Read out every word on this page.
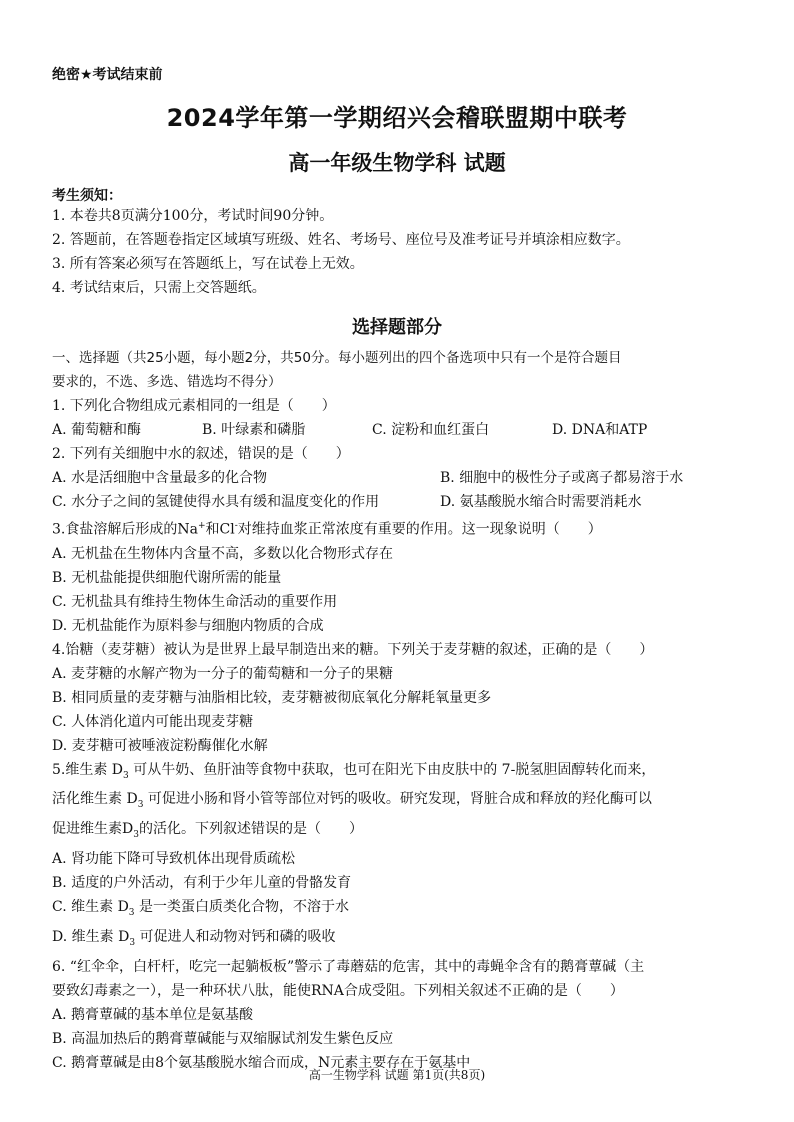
绝密★考试结束前
2024学年第一学期绍兴会稽联盟期中联考
高一年级生物学科 试题
考生须知：
1. 本卷共8页满分100分，考试时间90分钟。
2. 答题前，在答题卷指定区域填写班级、姓名、考场号、座位号及准考证号并填涂相应数字。
3. 所有答案必须写在答题纸上，写在试卷上无效。
4. 考试结束后，只需上交答题纸。
选择题部分
一、选择题（共25小题，每小题2分，共50分。每小题列出的四个备选项中只有一个是符合题目
要求的，不选、多选、错选均不得分）
1. 下列化合物组成元素相同的一组是（　　）
A. 葡萄糖和酶	B. 叶绿素和磷脂	C. 淀粉和血红蛋白	D. DNA和ATP
2. 下列有关细胞中水的叙述，错误的是（　　）
A. 水是活细胞中含量最多的化合物	B. 细胞中的极性分子或离子都易溶于水
C. 水分子之间的氢键使得水具有缓和温度变化的作用	D. 氨基酸脱水缩合时需要消耗水
3.食盐溶解后形成的Na+和Cl-对维持血浆正常浓度有重要的作用。这一现象说明（　　）
A. 无机盐在生物体内含量不高，多数以化合物形式存在
B. 无机盐能提供细胞代谢所需的能量
C. 无机盐具有维持生物体生命活动的重要作用
D. 无机盐能作为原料参与细胞内物质的合成
4.饴糖（麦芽糖）被认为是世界上最早制造出来的糖。下列关于麦芽糖的叙述，正确的是（　　）
A. 麦芽糖的水解产物为一分子的葡萄糖和一分子的果糖
B. 相同质量的麦芽糖与油脂相比较，麦芽糖被彻底氧化分解耗氧量更多
C. 人体消化道内可能出现麦芽糖
D. 麦芽糖可被唾液淀粉酶催化水解
5.维生素 $D_3$ 可从牛奶、鱼肝油等食物中获取，也可在阳光下由皮肤中的 7-脱氢胆固醇转化而来，
活化维生素 $D_3$ 可促进小肠和肾小管等部位对钙的吸收。研究发现，肾脏合成和释放的羟化酶可以
促进维生素$D_3$的活化。下列叙述错误的是（　　）
A. 肾功能下降可导致机体出现骨质疏松
B. 适度的户外活动，有利于少年儿童的骨骼发育
C. 维生素 $D_3$ 是一类蛋白质类化合物，不溶于水
D. 维生素 $D_3$ 可促进人和动物对钙和磷的吸收
6. “红伞伞，白杆杆，吃完一起躺板板”警示了毒蘑菇的危害，其中的毒蝇伞含有的鹅膏蕈碱（主
要致幻毒素之一），是一种环状八肽，能使RNA合成受阻。下列相关叙述不正确的是（　　）
A. 鹅膏蕈碱的基本单位是氨基酸
B. 高温加热后的鹅膏蕈碱能与双缩脲试剂发生紫色反应
C. 鹅膏蕈碱是由8个氨基酸脱水缩合而成，N元素主要存在于氨基中
高一生物学科 试题 第1页(共8页)
